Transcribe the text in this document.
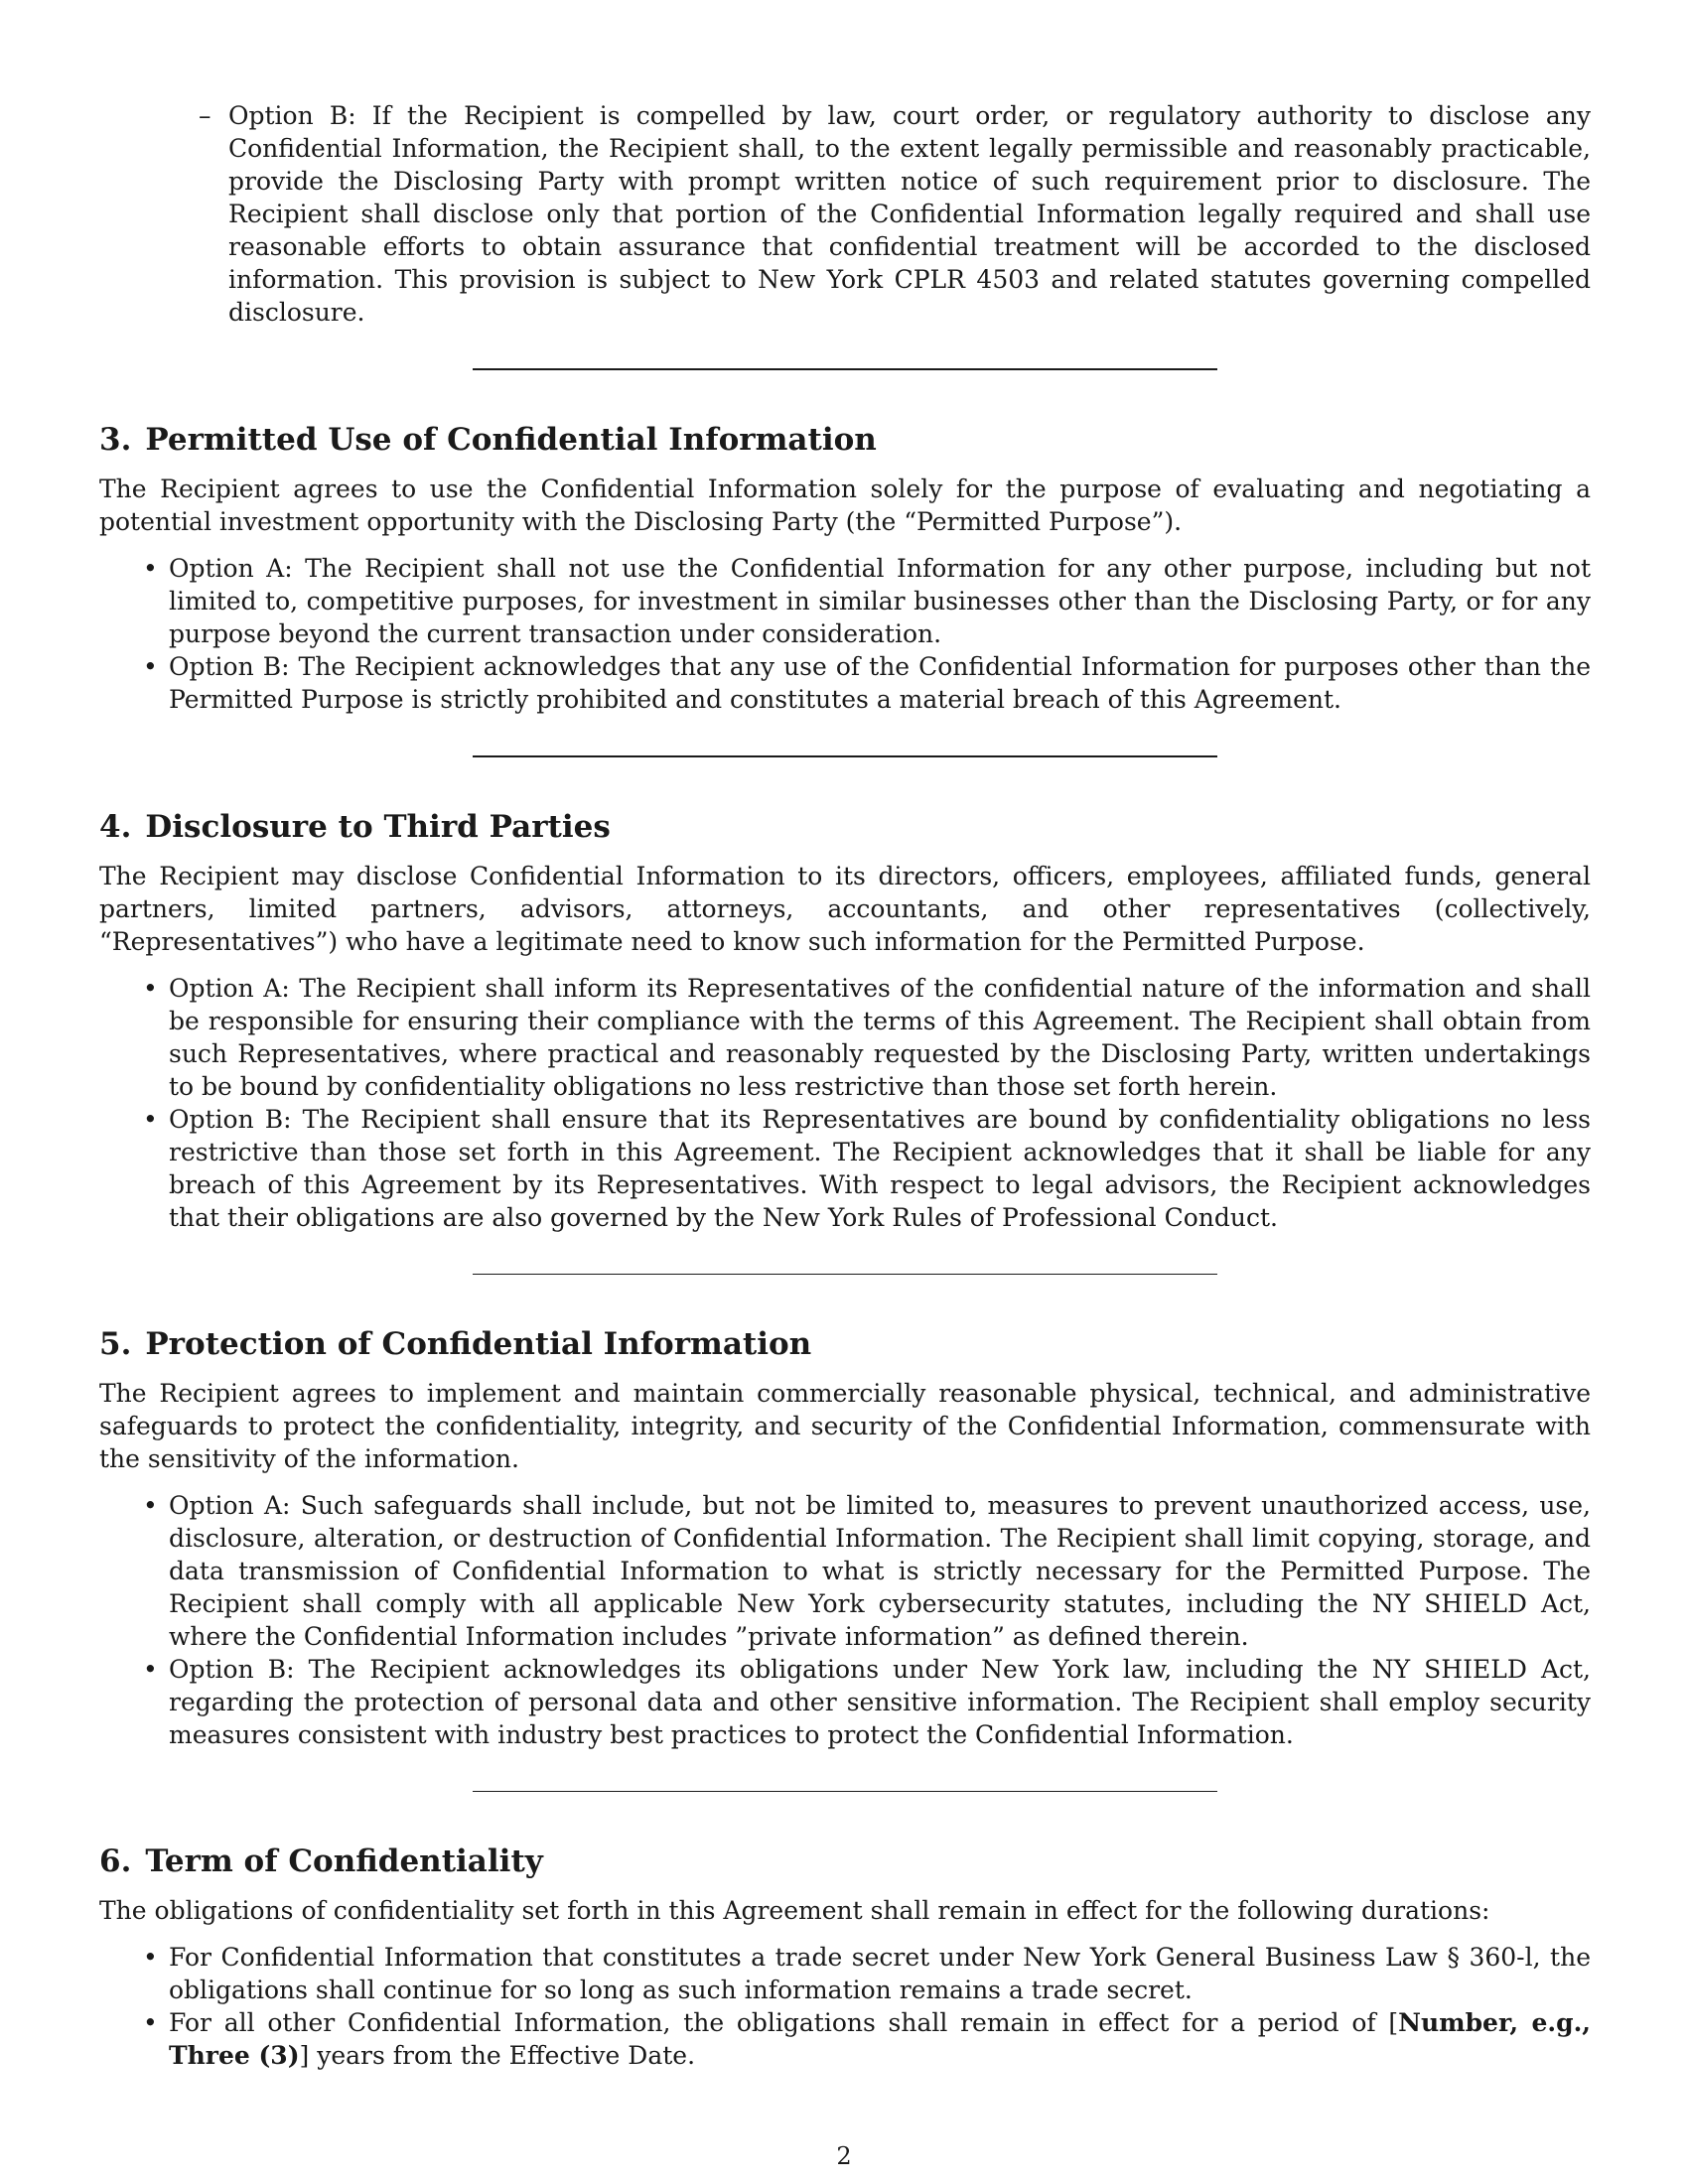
– Option B: If the Recipient is compelled by law, court order, or regulatory authority to disclose any Confidential Information, the Recipient shall, to the extent legally permissible and reasonably practicable, provide the Disclosing Party with prompt written notice of such requirement prior to disclosure. The Recipient shall disclose only that portion of the Confidential Information legally required and shall use reasonable efforts to obtain assurance that confidential treatment will be accorded to the disclosed information. This provision is subject to New York CPLR 4503 and related statutes governing compelled disclosure.
3. Permitted Use of Confidential Information

The Recipient agrees to use the Confidential Information solely for the purpose of evaluating and negotiating a potential investment opportunity with the Disclosing Party (the “Permitted Purpose”).

• Option A: The Recipient shall not use the Confidential Information for any other purpose, including but not limited to, competitive purposes, for investment in similar businesses other than the Disclosing Party, or for any purpose beyond the current transaction under consideration.
• Option B: The Recipient acknowledges that any use of the Confidential Information for purposes other than the Permitted Purpose is strictly prohibited and constitutes a material breach of this Agreement.
4. Disclosure to Third Parties

The Recipient may disclose Confidential Information to its directors, officers, employees, affiliated funds, general partners, limited partners, advisors, attorneys, accountants, and other representatives (collectively, “Representatives”) who have a legitimate need to know such information for the Permitted Purpose.

• Option A: The Recipient shall inform its Representatives of the confidential nature of the information and shall be responsible for ensuring their compliance with the terms of this Agreement. The Recipient shall obtain from such Representatives, where practical and reasonably requested by the Disclosing Party, written undertakings to be bound by confidentiality obligations no less restrictive than those set forth herein.
• Option B: The Recipient shall ensure that its Representatives are bound by confidentiality obligations no less restrictive than those set forth in this Agreement. The Recipient acknowledges that it shall be liable for any breach of this Agreement by its Representatives. With respect to legal advisors, the Recipient acknowledges that their obligations are also governed by the New York Rules of Professional Conduct.
5. Protection of Confidential Information

The Recipient agrees to implement and maintain commercially reasonable physical, technical, and administrative safeguards to protect the confidentiality, integrity, and security of the Confidential Information, commensurate with the sensitivity of the information.

• Option A: Such safeguards shall include, but not be limited to, measures to prevent unauthorized access, use, disclosure, alteration, or destruction of Confidential Information. The Recipient shall limit copying, storage, and data transmission of Confidential Information to what is strictly necessary for the Permitted Purpose. The Recipient shall comply with all applicable New York cybersecurity statutes, including the NY SHIELD Act, where the Confidential Information includes ”private information” as defined therein.
• Option B: The Recipient acknowledges its obligations under New York law, including the NY SHIELD Act, regarding the protection of personal data and other sensitive information. The Recipient shall employ security measures consistent with industry best practices to protect the Confidential Information.
6. Term of Confidentiality

The obligations of confidentiality set forth in this Agreement shall remain in effect for the following durations:

• For Confidential Information that constitutes a trade secret under New York General Business Law § 360-l, the obligations shall continue for so long as such information remains a trade secret.
• For all other Confidential Information, the obligations shall remain in effect for a period of [Number, e.g., Three (3)] years from the Effective Date.
2
